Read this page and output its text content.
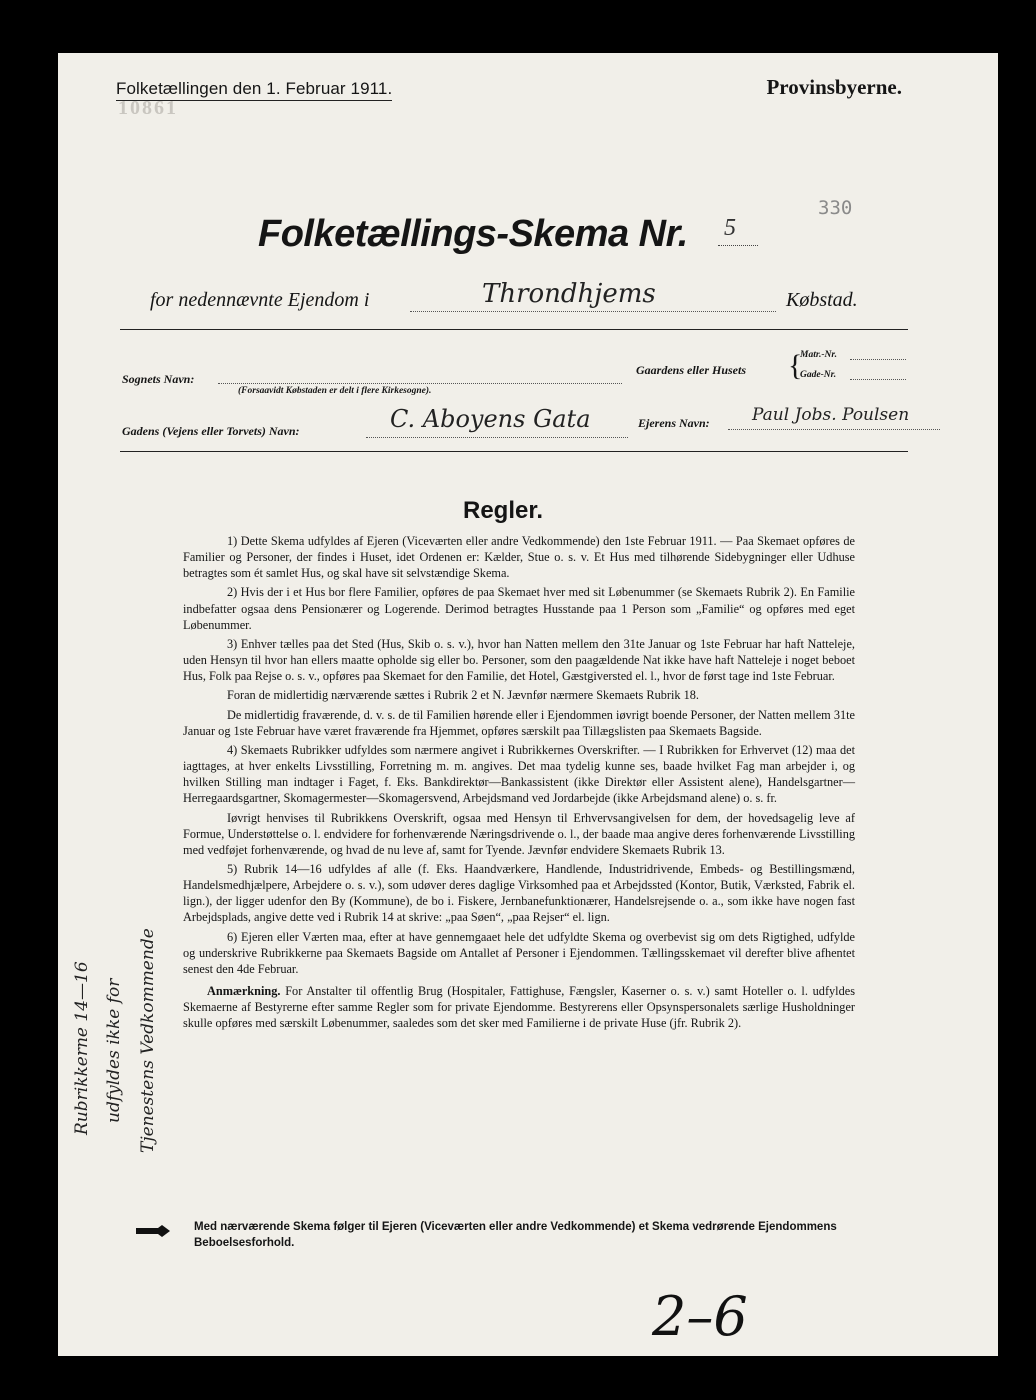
10861
Folketællingen den 1. Februar 1911.	Provinsbyerne.
330
Folketællings-Skema Nr. 5
for nedennævnte Ejendom i	Throndhjems	Købstad.
Sognets Navn:
(Forsaavidt Købstaden er delt i flere Kirkesogne).
Gaardens eller Husets {
Matr.-Nr.
Gade-Nr.
Gadens (Vejens eller Torvets) Navn:	C. Aboyens Gata	Ejerens Navn: Paul Jobs. Poulsen
Regler.

1) Dette Skema udfyldes af Ejeren (Viceværten eller andre Vedkommende) den 1ste Februar 1911. — Paa Skemaet opføres de Familier og Personer, der findes i Huset, idet Ordenen er: Kælder, Stue o. s. v. Et Hus med tilhørende Sidebygninger eller Udhuse betragtes som ét samlet Hus, og skal have sit selvstændige Skema.

2) Hvis der i et Hus bor flere Familier, opføres de paa Skemaet hver med sit Løbenummer (se Skemaets Rubrik 2). En Familie indbefatter ogsaa dens Pensionærer og Logerende. Derimod betragtes Husstande paa 1 Person som „Familie“ og opføres med eget Løbenummer.

3) Enhver tælles paa det Sted (Hus, Skib o. s. v.), hvor han Natten mellem den 31te Januar og 1ste Februar har haft Natteleje, uden Hensyn til hvor han ellers maatte opholde sig eller bo. Personer, som den paagældende Nat ikke have haft Natteleje i noget beboet Hus, Folk paa Rejse o. s. v., opføres paa Skemaet for den Familie, det Hotel, Gæstgiversted el. l., hvor de først tage ind 1ste Februar.

Foran de midlertidig nærværende sættes i Rubrik 2 et N. Jævnfør nærmere Skemaets Rubrik 18.

De midlertidig fraværende, d. v. s. de til Familien hørende eller i Ejendommen iøvrigt boende Personer, der Natten mellem 31te Januar og 1ste Februar have været fraværende fra Hjemmet, opføres særskilt paa Tillægslisten paa Skemaets Bagside.

4) Skemaets Rubrikker udfyldes som nærmere angivet i Rubrikkernes Overskrifter. — I Rubrikken for Erhvervet (12) maa det iagttages, at hver enkelts Livsstilling, Forretning m. m. angives. Det maa tydelig kunne ses, baade hvilket Fag man arbejder i, og hvilken Stilling man indtager i Faget, f. Eks. Bankdirektør—Bankassistent (ikke Direktør eller Assistent alene), Handelsgartner—Herregaardsgartner, Skomagermester—Skomagersvend, Arbejdsmand ved Jordarbejde (ikke Arbejdsmand alene) o. s. fr.

Iøvrigt henvises til Rubrikkens Overskrift, ogsaa med Hensyn til Erhvervsangivelsen for dem, der hovedsagelig leve af Formue, Understøttelse o. l. endvidere for forhenværende Næringsdrivende o. l., der baade maa angive deres forhenværende Livsstilling med vedføjet forhenværende, og hvad de nu leve af, samt for Tyende. Jævnfør endvidere Skemaets Rubrik 13.

5) Rubrik 14—16 udfyldes af alle (f. Eks. Haandværkere, Handlende, Industridrivende, Embeds- og Bestillingsmænd, Handelsmedhjælpere, Arbejdere o. s. v.), som udøver deres daglige Virksomhed paa et Arbejdssted (Kontor, Butik, Værksted, Fabrik el. lign.), der ligger udenfor den By (Kommune), de bo i. Fiskere, Jernbanefunktionærer, Handelsrejsende o. a., som ikke have nogen fast Arbejdsplads, angive dette ved i Rubrik 14 at skrive: „paa Søen“, „paa Rejser“ el. lign.

6) Ejeren eller Værten maa, efter at have gennemgaaet hele det udfyldte Skema og overbevist sig om dets Rigtighed, udfylde og underskrive Rubrikkerne paa Skemaets Bagside om Antallet af Personer i Ejendommen. Tællingsskemaet vil derefter blive afhentet senest den 4de Februar.

Anmærkning. For Anstalter til offentlig Brug (Hospitaler, Fattighuse, Fængsler, Kaserner o. s. v.) samt Hoteller o. l. udfyldes Skemaerne af Bestyrerne efter samme Regler som for private Ejendomme. Bestyrerens eller Opsynspersonalets særlige Husholdninger skulle opføres med særskilt Løbenummer, saaledes som det sker med Familierne i de private Huse (jfr. Rubrik 2).

Rubrikkerne 14—16 udfyldes ikke for Tjenestens Vedkommende
Med nærværende Skema følger til Ejeren (Viceværten eller andre Vedkommende) et Skema vedrørende Ejendommens Beboelsesforhold.
2–6
